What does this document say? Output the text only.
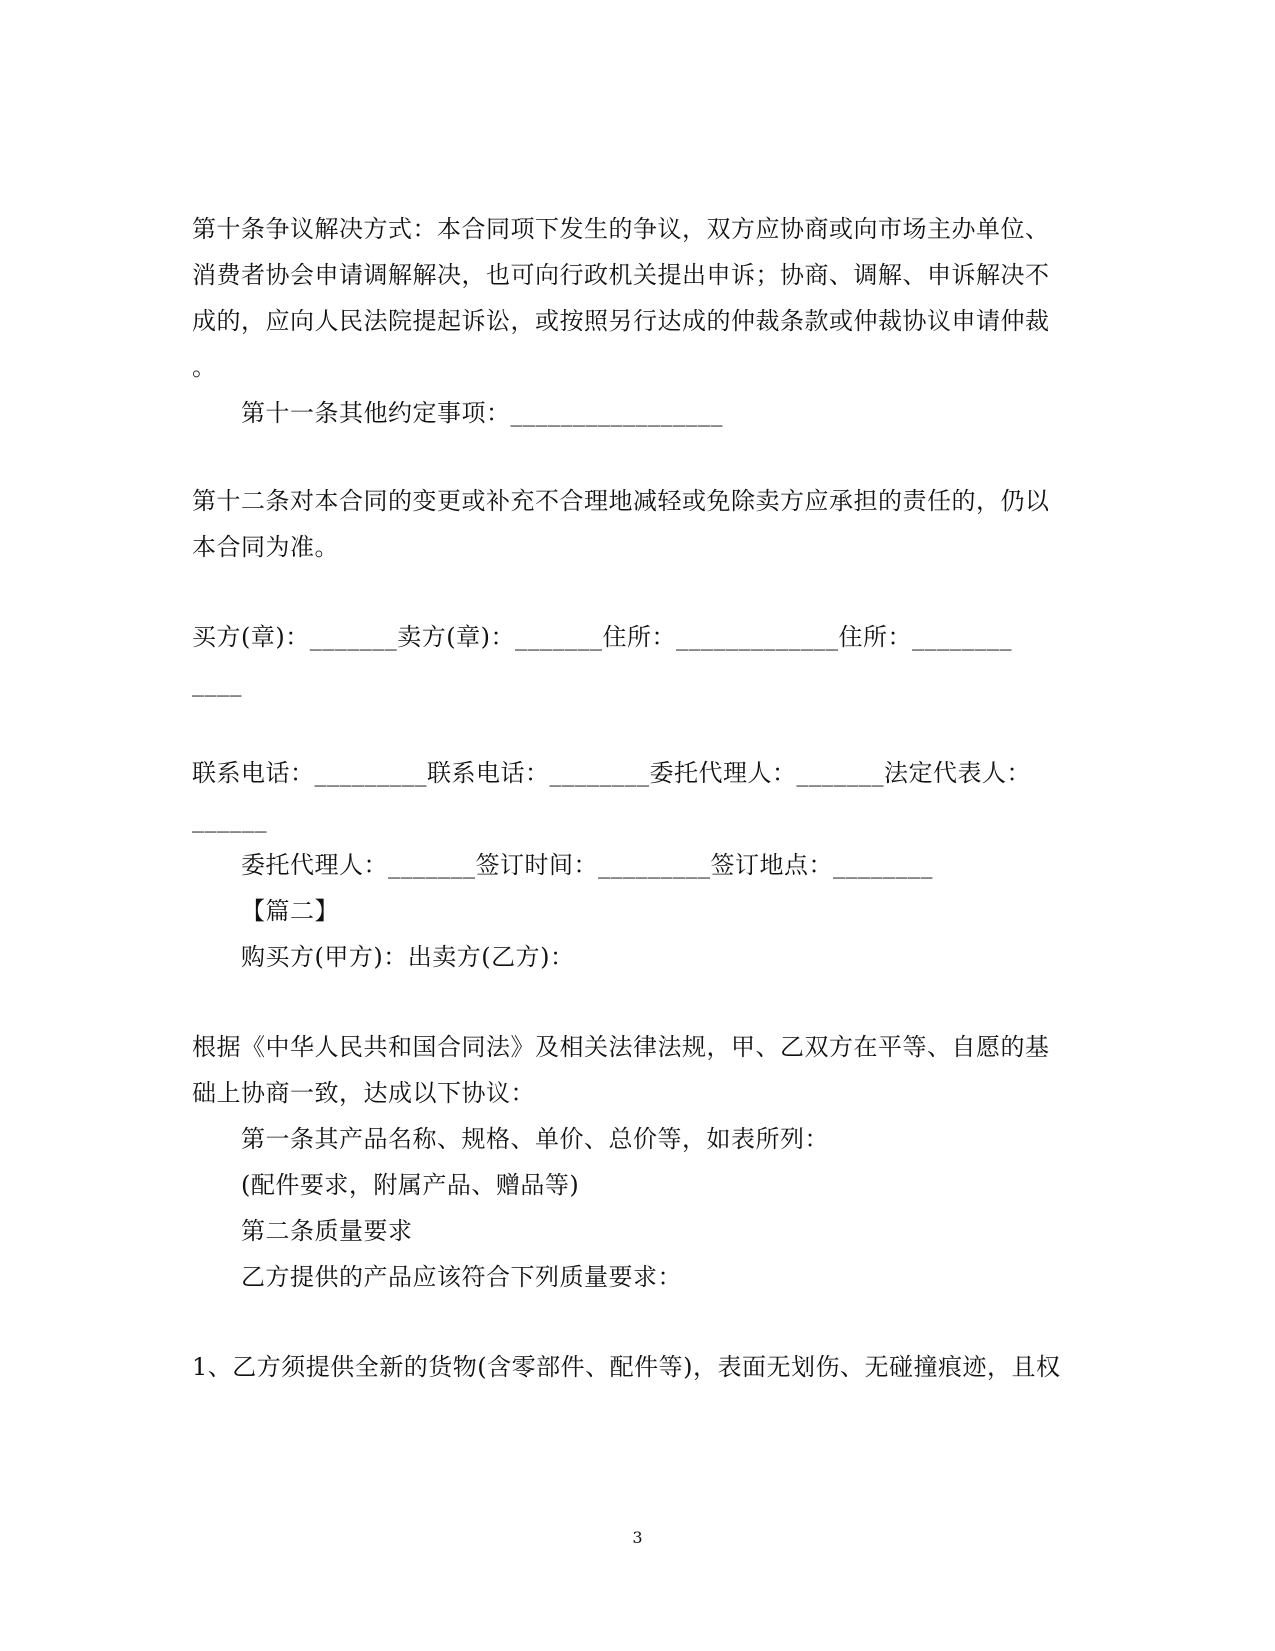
第十条争议解决方式：本合同项下发生的争议，双方应协商或向市场主办单位、
消费者协会申请调解解决，也可向行政机关提出申诉；协商、调解、申诉解决不
成的，应向人民法院提起诉讼，或按照另行达成的仲裁条款或仲裁协议申请仲裁
。
第十一条其他约定事项：_________________
第十二条对本合同的变更或补充不合理地减轻或免除卖方应承担的责任的，仍以
本合同为准。
买方(章)：_______卖方(章)：_______住所：_____________住所：________
____
联系电话：_________联系电话：________委托代理人：_______法定代表人：
______
委托代理人：_______签订时间：_________签订地点：________
【篇二】
购买方(甲方)：出卖方(乙方)：
根据《中华人民共和国合同法》及相关法律法规，甲、乙双方在平等、自愿的基
础上协商一致，达成以下协议：
第一条其产品名称、规格、单价、总价等，如表所列：
(配件要求，附属产品、赠品等)
第二条质量要求
乙方提供的产品应该符合下列质量要求：
1、乙方须提供全新的货物(含零部件、配件等)，表面无划伤、无碰撞痕迹，且权
3
